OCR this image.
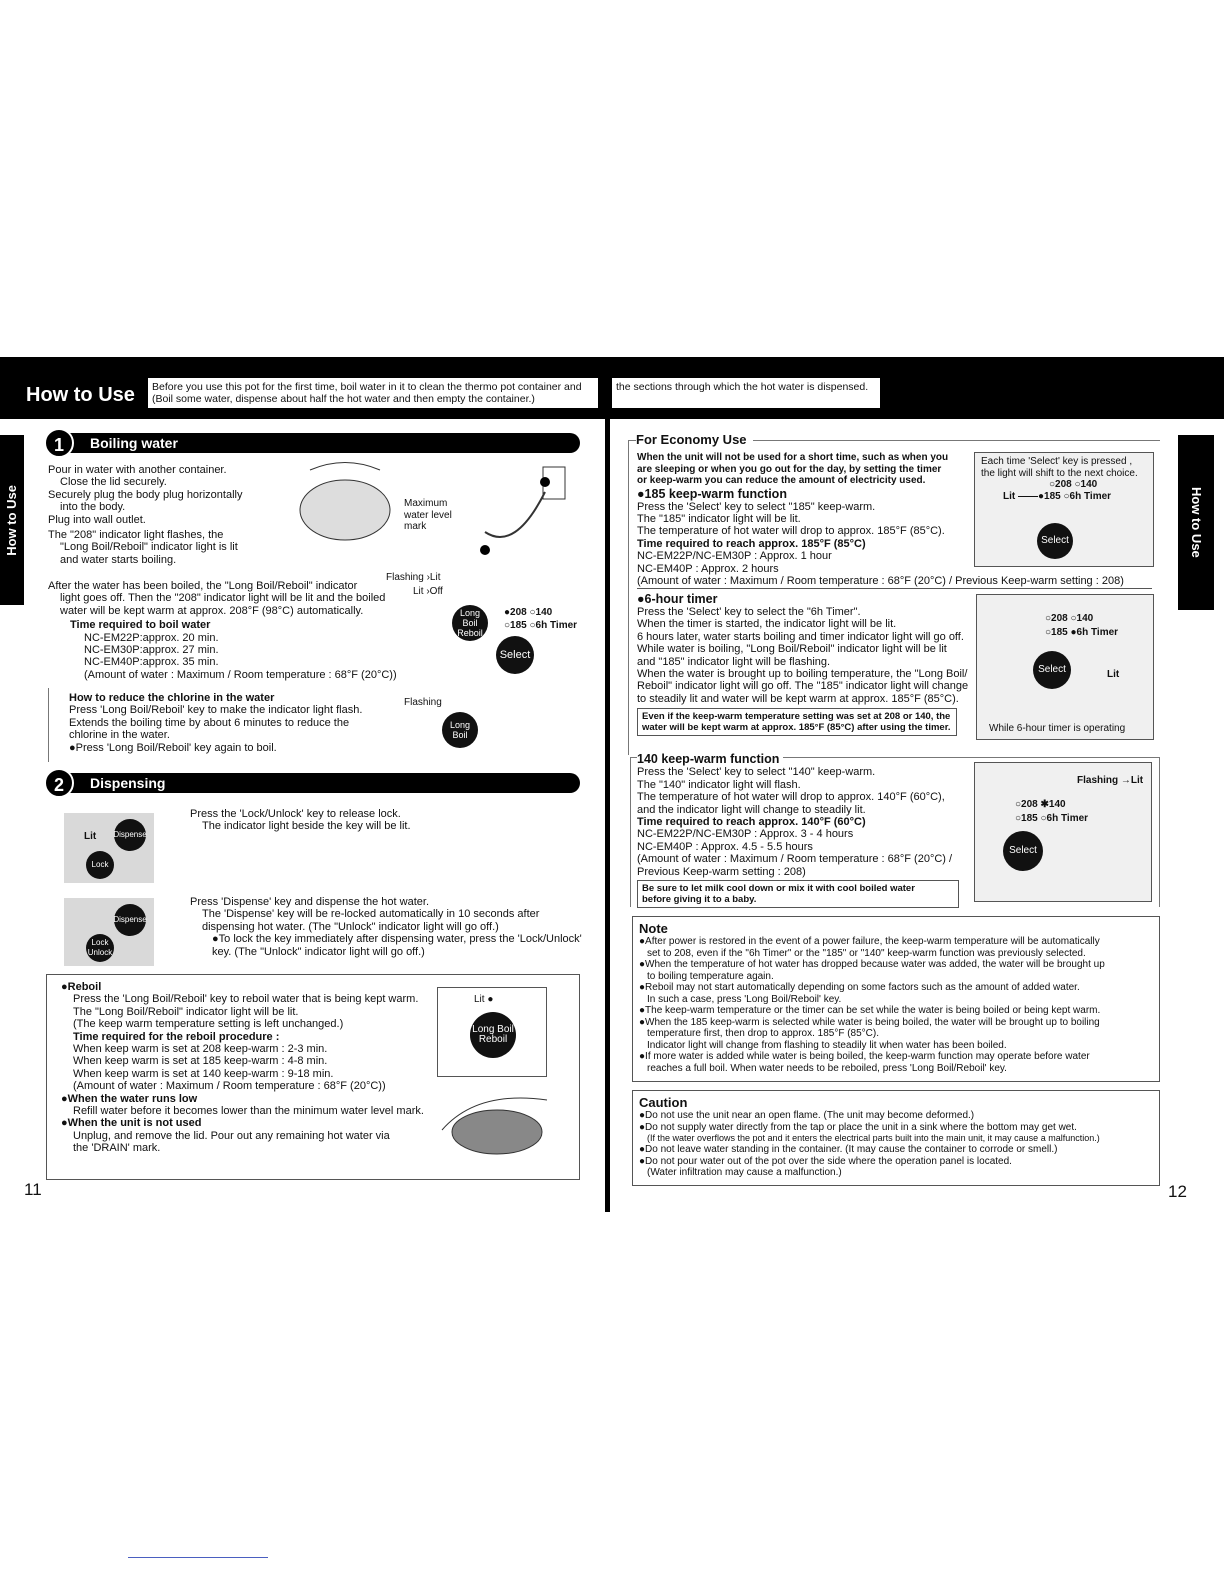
How to Use Before you use this pot for the first time, boil water in it to clean the thermo pot container and

(Boil some water, dispense about half the hot water and then empty the container.)

the sections through which the hot water is dispensed.
How to Use	How to Use
1	Boiling water

Pour in water with another container.

Close the lid securely.

Securely plug the body plug horizontally

into the body.

Plug into wall outlet.

The "208" indicator light flashes, the

"Long Boil/Reboil" indicator light is lit

and water starts boiling.

After the water has been boiled, the "Long Boil/Reboil" indicator

light goes off. Then the "208" indicator light will be lit and the boiled

water will be kept warm at approx. 208°F (98°C) automatically.

Time required to boil water

NC-EM22P:approx. 20 min.

NC-EM30P:approx. 27 min.

NC-EM40P:approx. 35 min.

(Amount of water : Maximum / Room temperature : 68°F (20°C))

Maximum water level mark
Flashing ›Lit
Lit ›Off
Long Boil
Reboil
●208 ○140
○185 ○6h Timer
Select

How to reduce the chlorine in the water

Press 'Long Boil/Reboil' key to make the indicator light flash.

Extends the boiling time by about 6 minutes to reduce the

chlorine in the water.

●Press 'Long Boil/Reboil' key again to boil.

Flashing
Long Boil
2	Dispensing
Lit Dispense
Lock

Press the 'Lock/Unlock' key to release lock.

The indicator light beside the key will be lit.

Dispense
Lock
Unlock

Press 'Dispense' key and dispense the hot water.

The 'Dispense' key will be re-locked automatically in 10 seconds after

dispensing hot water. (The "Unlock" indicator light will go off.)

●To lock the key immediately after dispensing water, press the 'Lock/Unlock'

key. (The "Unlock" indicator light will go off.)

●Reboil

Press the 'Long Boil/Reboil' key to reboil water that is being kept warm.

The "Long Boil/Reboil" indicator light will be lit.

(The keep warm temperature setting is left unchanged.)

Time required for the reboil procedure :

When keep warm is set at 208 keep-warm : 2-3 min.

When keep warm is set at 185 keep-warm : 4-8 min.

When keep warm is set at 140 keep-warm : 9-18 min.

(Amount of water : Maximum / Room temperature : 68°F (20°C))

●When the water runs low

Refill water before it becomes lower than the minimum water level mark.

●When the unit is not used

Unplug, and remove the lid. Pour out any remaining hot water via

the 'DRAIN' mark.

Lit ●
Long Boil
Reboil
11
For Economy Use

When the unit will not be used for a short time, such as when you

are sleeping or when you go out for the day, by setting the timer

or keep-warm you can reduce the amount of electricity used.

●185 keep-warm function

Press the 'Select' key to select "185" keep-warm.

The "185" indicator light will be lit.

The temperature of hot water will drop to approx. 185°F (85°C).

Time required to reach approx. 185°F (85°C)

NC-EM22P/NC-EM30P : Approx. 1 hour

NC-EM40P : Approx. 2 hours

(Amount of water : Maximum / Room temperature : 68°F (20°C) / Previous Keep-warm setting : 208)

Each time 'Select' key is pressed ,

the light will shift to the next choice.

○208 ○140

Lit ——●185 ○6h Timer

Select

●6-hour timer

Press the 'Select' key to select the "6h Timer".

When the timer is started, the indicator light will be lit.

6 hours later, water starts boiling and timer indicator light will go off.

While water is boiling, "Long Boil/Reboil" indicator light will be lit

and "185" indicator light will be flashing.

When the water is brought up to boiling temperature, the "Long Boil/

Reboil" indicator light will go off. The "185" indicator light will change

to steadily lit and water will be kept warm at approx. 185°F (85°C).

Even if the keep-warm temperature setting was set at 208 or 140, the

water will be kept warm at approx. 185°F (85°C) after using the timer.

○208 ○140

○185 ●6h Timer

Select	Lit

While 6-hour timer is operating

140 keep-warm function

Press the 'Select' key to select "140" keep-warm.

The "140" indicator light will flash.

The temperature of hot water will drop to approx. 140°F (60°C),

and the indicator light will change to steadily lit.

Time required to reach approx. 140°F (60°C)

NC-EM22P/NC-EM30P : Approx. 3 - 4 hours

NC-EM40P : Approx. 4.5 - 5.5 hours

(Amount of water : Maximum / Room temperature : 68°F (20°C) /

Previous Keep-warm setting : 208)

Be sure to let milk cool down or mix it with cool boiled water

before giving it to a baby.

Flashing →Lit

○208 ✱140

○185 ○6h Timer

Select

Note

●After power is restored in the event of a power failure, the keep-warm temperature will be automatically

set to 208, even if the "6h Timer" or the "185" or "140" keep-warm function was previously selected.

●When the temperature of hot water has dropped because water was added, the water will be brought up

to boiling temperature again.

●Reboil may not start automatically depending on some factors such as the amount of added water.

In such a case, press 'Long Boil/Reboil' key.

●The keep-warm temperature or the timer can be set while the water is being boiled or being kept warm.

●When the 185 keep-warm is selected while water is being boiled, the water will be brought up to boiling

temperature first, then drop to approx. 185°F (85°C).

Indicator light will change from flashing to steadily lit when water has been boiled.

●If more water is added while water is being boiled, the keep-warm function may operate before water

reaches a full boil. When water needs to be reboiled, press 'Long Boil/Reboil' key.

Caution

●Do not use the unit near an open flame. (The unit may become deformed.)

●Do not supply water directly from the tap or place the unit in a sink where the bottom may get wet.

(If the water overflows the pot and it enters the electrical parts built into the main unit, it may cause a malfunction.)

●Do not leave water standing in the container. (It may cause the container to corrode or smell.)

●Do not pour water out of the pot over the side where the operation panel is located.

(Water infiltration may cause a malfunction.)

12
